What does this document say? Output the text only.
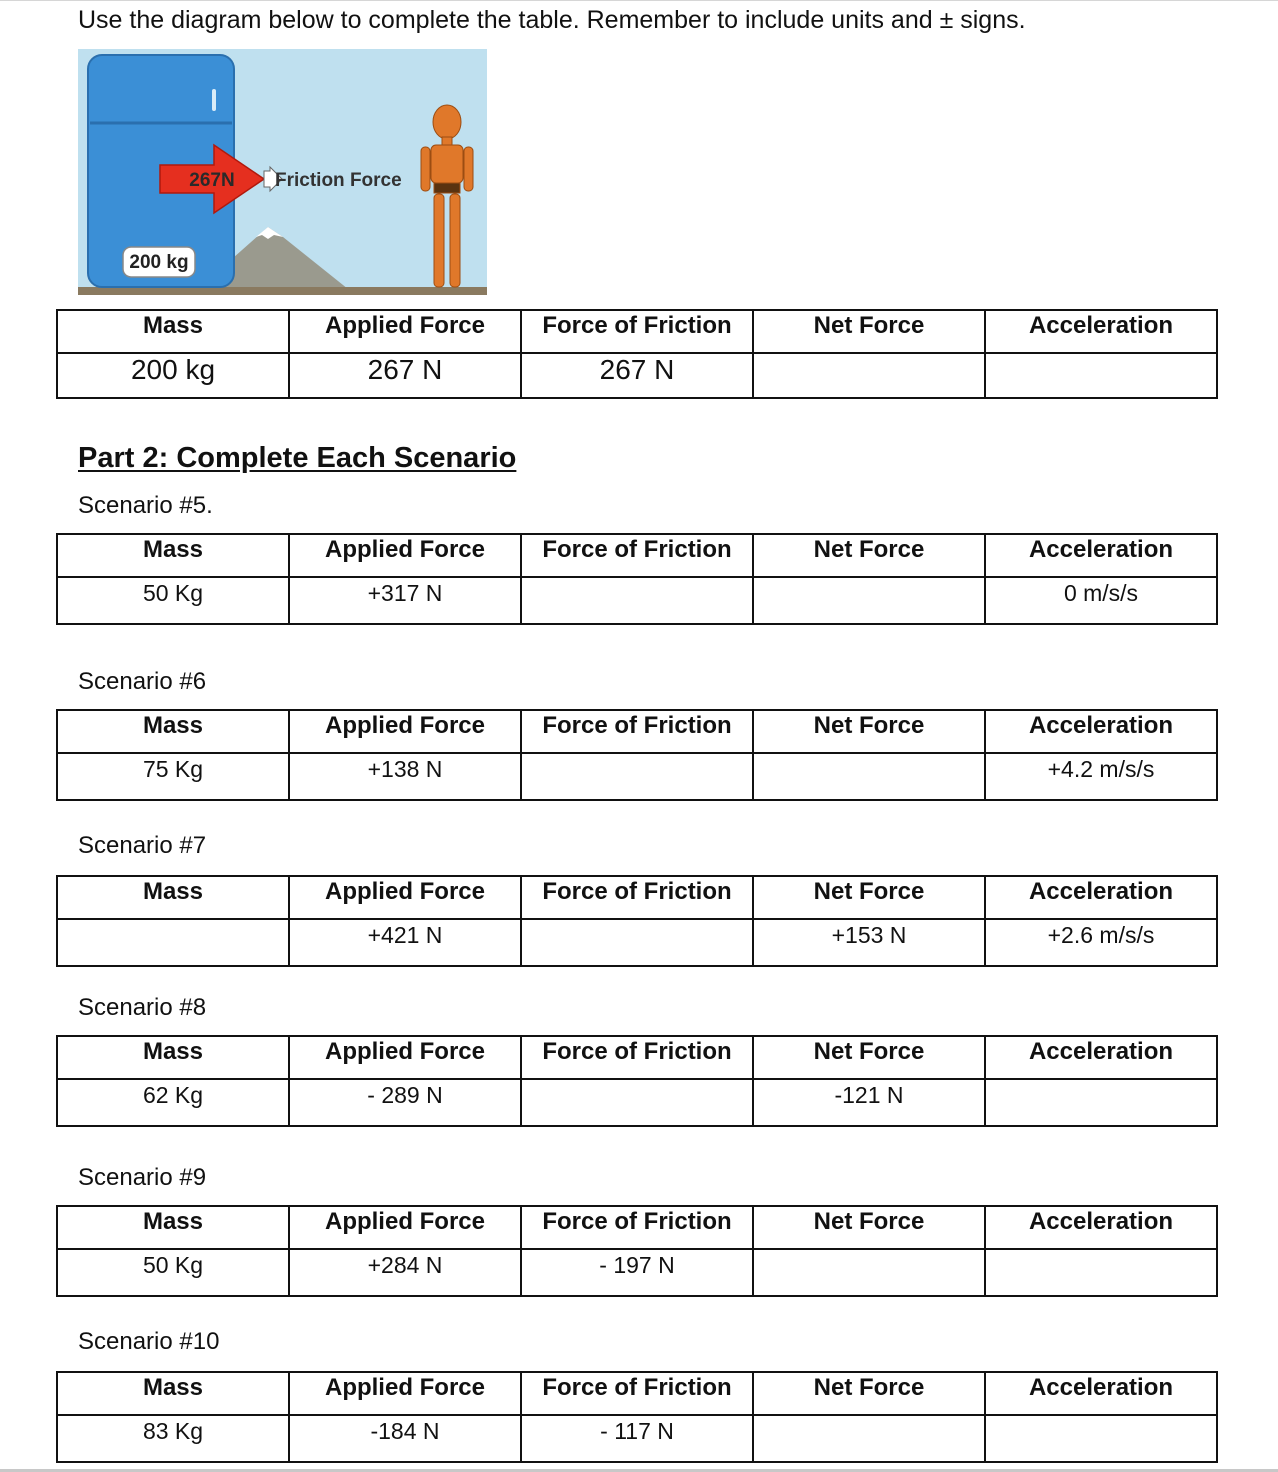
Use the diagram below to complete the table. Remember to include units and ± signs.
267N Friction Force
200 kg
Mass	Applied Force	Force of Friction	Net Force	Acceleration
200 kg	267 N	267 N		
Part 2: Complete Each Scenario
Scenario #5.
Mass	Applied Force	Force of Friction	Net Force	Acceleration
50 Kg	+317 N			0 m/s/s
Scenario #6
Mass	Applied Force	Force of Friction	Net Force	Acceleration
75 Kg	+138 N			+4.2 m/s/s
Scenario #7
Mass	Applied Force	Force of Friction	Net Force	Acceleration
	+421 N		+153 N	+2.6 m/s/s
Scenario #8
Mass	Applied Force	Force of Friction	Net Force	Acceleration
62 Kg	- 289 N		-121 N	
Scenario #9
Mass	Applied Force	Force of Friction	Net Force	Acceleration
50 Kg	+284 N	- 197 N		
Scenario #10
Mass	Applied Force	Force of Friction	Net Force	Acceleration
83 Kg	-184 N	- 117 N		
